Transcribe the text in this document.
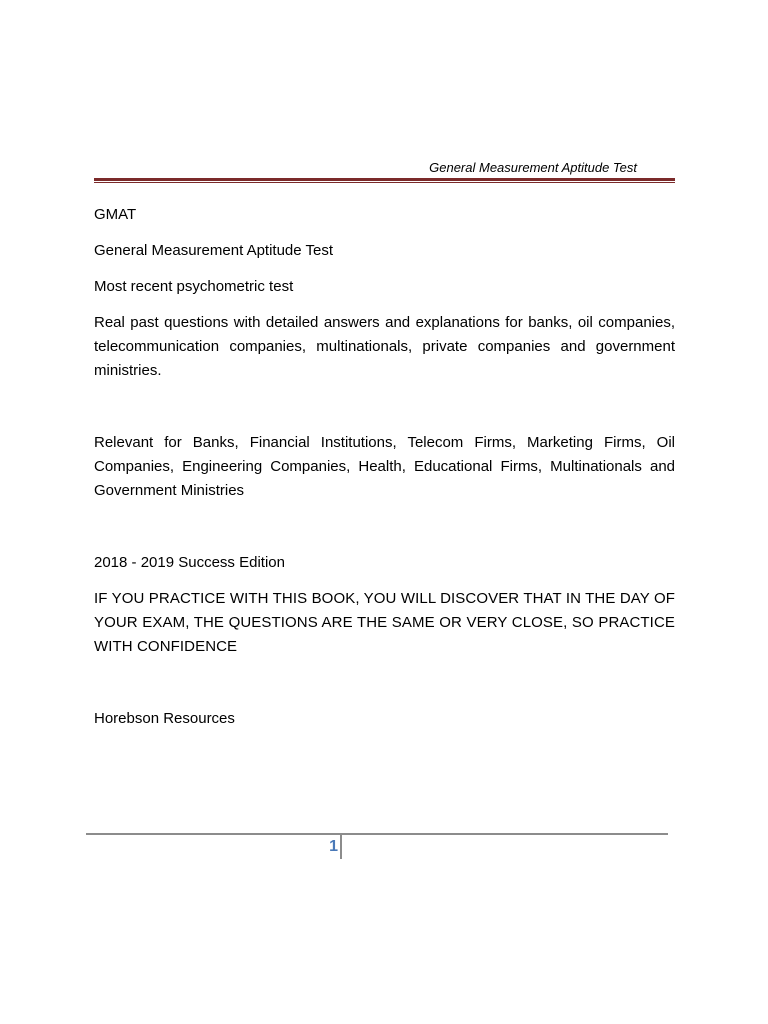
General Measurement Aptitude Test

GMAT

General Measurement Aptitude Test

Most recent psychometric test

Real past questions with detailed answers and explanations for banks, oil companies, telecommunication companies, multinationals, private companies and government ministries.

Relevant for Banks, Financial Institutions, Telecom Firms, Marketing Firms, Oil Companies, Engineering Companies, Health, Educational Firms, Multinationals and Government Ministries

2018 - 2019 Success Edition

IF YOU PRACTICE WITH THIS BOOK, YOU WILL DISCOVER THAT IN THE DAY OF YOUR EXAM, THE QUESTIONS ARE THE SAME OR VERY CLOSE, SO PRACTICE WITH CONFIDENCE

Horebson Resources

1
